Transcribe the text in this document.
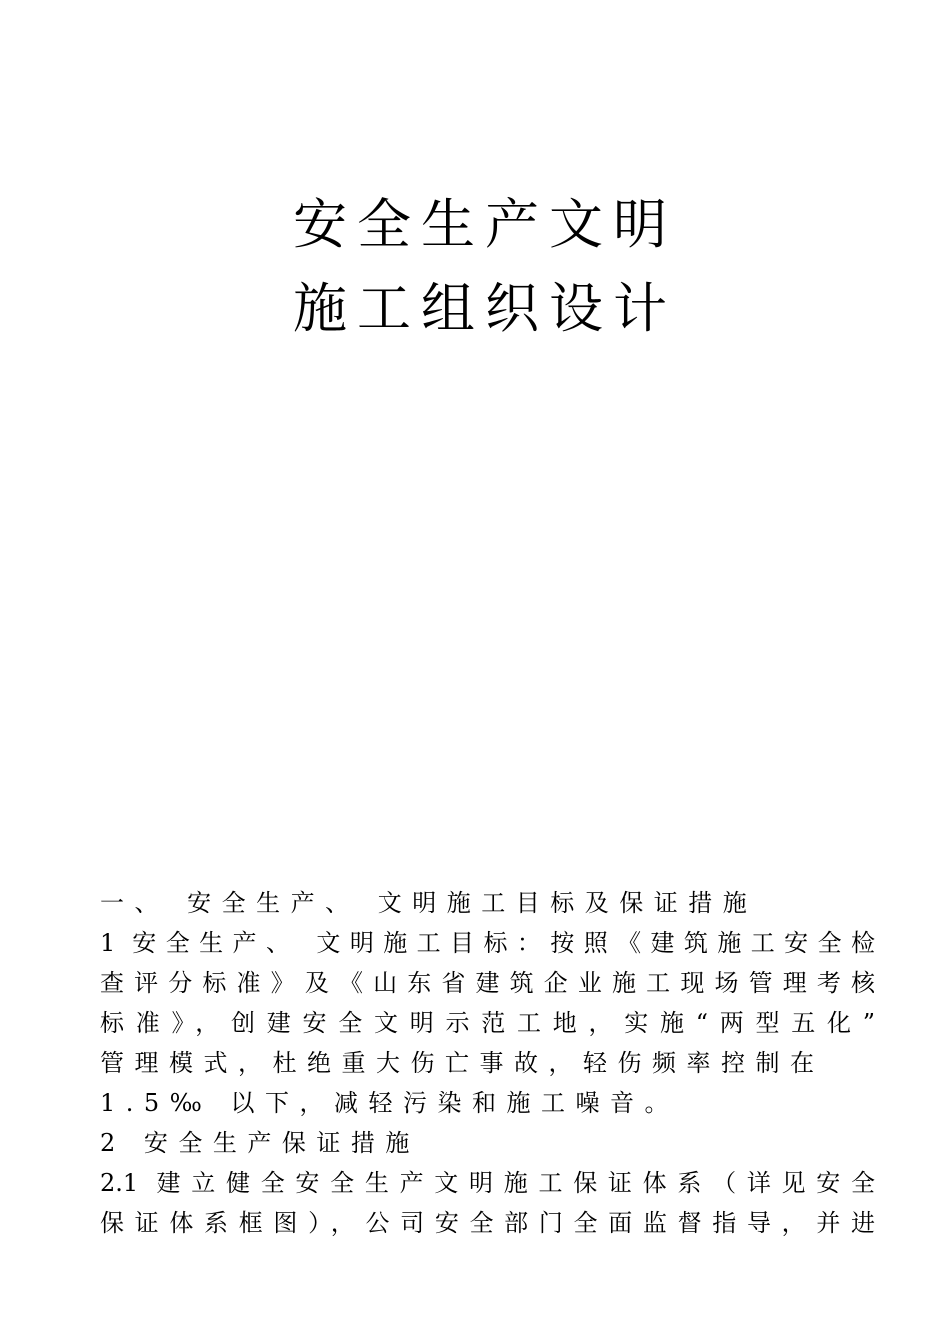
安全生产文明
施工组织设计
一、 安全生产、 文明施工目标及保证措施
1 安全生产、 文明施工目标：按照《建筑施工安全检
查评分标准》及《山东省建筑企业施工现场管理考核
标准》，创建安全文明示范工地，实施“两型五化”
管理模式，杜绝重大伤亡事故，轻伤频率控制在
1.5‰ 以下，减轻污染和施工噪音。
2 安全生产保证措施
2.1 建立健全安全生产文明施工保证体系（详见安全
保证体系框图），公司安全部门全面监督指导，并进
